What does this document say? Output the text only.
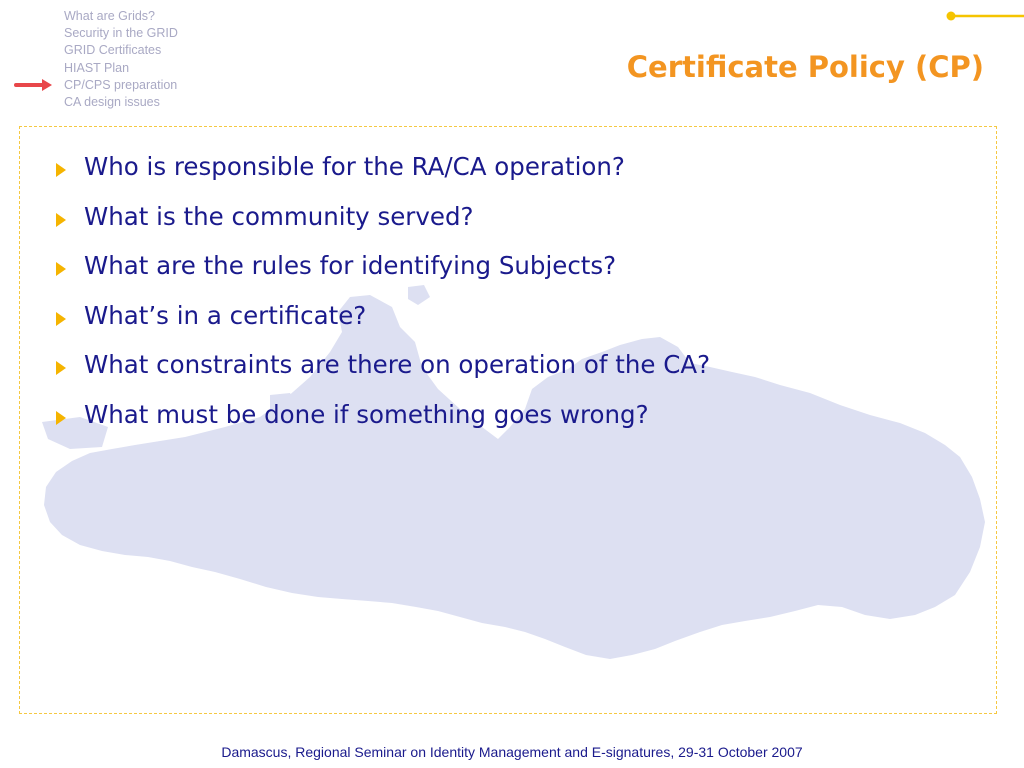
What are Grids?
Security in the GRID
GRID Certificates
HIAST Plan
CP/CPS preparation
CA design issues
Certificate Policy (CP)
Who is responsible for the RA/CA operation?
What is the community served?
What are the rules for identifying Subjects?
What’s in a certificate?
What constraints are there on operation of the CA?
What must be done if something goes wrong?
Damascus, Regional Seminar on Identity Management and E-signatures, 29-31 October 2007
